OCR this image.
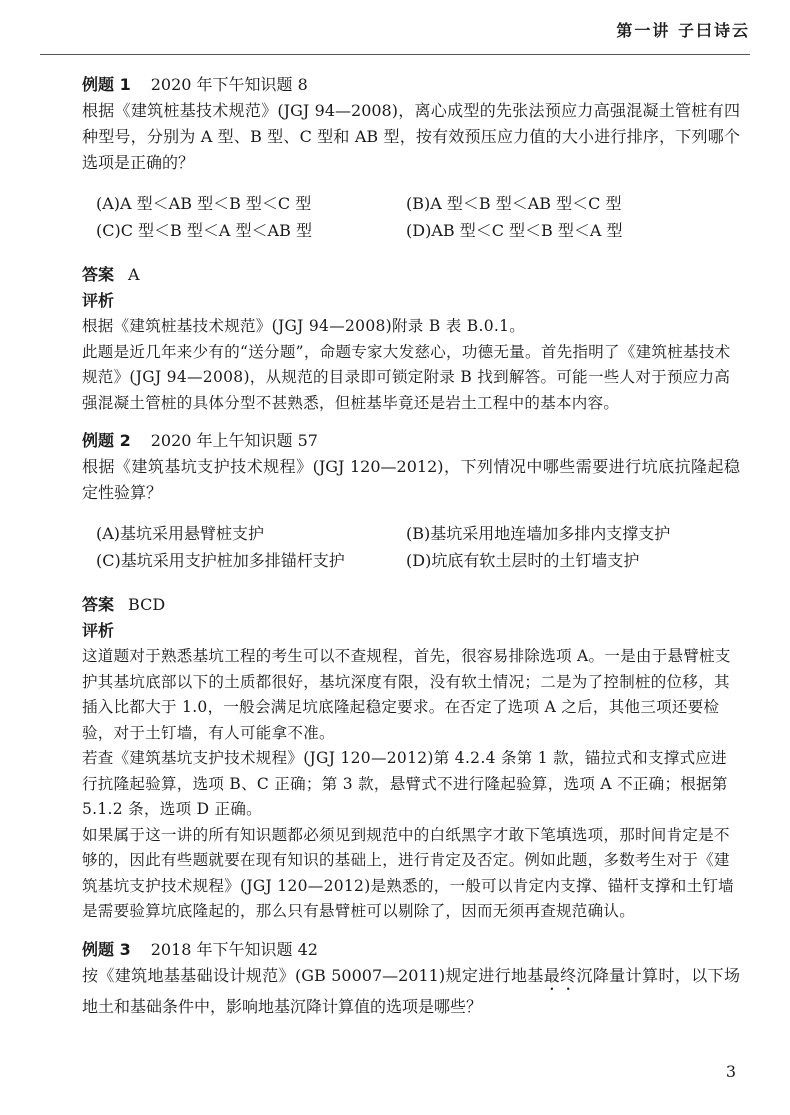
第一讲 子曰诗云
例题 1 2020 年下午知识题 8

根据《建筑桩基技术规范》(JGJ 94—2008)，离心成型的先张法预应力高强混凝土管桩有四种型号，分别为 A 型、B 型、C 型和 AB 型，按有效预压应力值的大小进行排序，下列哪个选项是正确的？

(A)A 型＜AB 型＜B 型＜C 型	(B)A 型＜B 型＜AB 型＜C 型
(C)C 型＜B 型＜A 型＜AB 型	(D)AB 型＜C 型＜B 型＜A 型
答案 A
评析

根据《建筑桩基技术规范》(JGJ 94—2008)附录 B 表 B.0.1。

此题是近几年来少有的“送分题”，命题专家大发慈心，功德无量。首先指明了《建筑桩基技术规范》(JGJ 94—2008)，从规范的目录即可锁定附录 B 找到解答。可能一些人对于预应力高强混凝土管桩的具体分型不甚熟悉，但桩基毕竟还是岩土工程中的基本内容。

例题 2 2020 年上午知识题 57

根据《建筑基坑支护技术规程》(JGJ 120—2012)，下列情况中哪些需要进行坑底抗隆起稳定性验算？

(A)基坑采用悬臂桩支护	(B)基坑采用地连墙加多排内支撑支护
(C)基坑采用支护桩加多排锚杆支护	(D)坑底有软土层时的土钉墙支护
答案 BCD
评析

这道题对于熟悉基坑工程的考生可以不查规程，首先，很容易排除选项 A。一是由于悬臂桩支护其基坑底部以下的土质都很好，基坑深度有限，没有软土情况；二是为了控制桩的位移，其插入比都大于 1.0，一般会满足坑底隆起稳定要求。在否定了选项 A 之后，其他三项还要检验，对于土钉墙，有人可能拿不准。

若查《建筑基坑支护技术规程》(JGJ 120—2012)第 4.2.4 条第 1 款，锚拉式和支撑式应进行抗隆起验算，选项 B、C 正确；第 3 款，悬臂式不进行隆起验算，选项 A 不正确；根据第 5.1.2 条，选项 D 正确。

如果属于这一讲的所有知识题都必须见到规范中的白纸黑字才敢下笔填选项，那时间肯定是不够的，因此有些题就要在现有知识的基础上，进行肯定及否定。例如此题，多数考生对于《建筑基坑支护技术规程》(JGJ 120—2012)是熟悉的，一般可以肯定内支撑、锚杆支撑和土钉墙是需要验算坑底隆起的，那么只有悬臂桩可以剔除了，因而无须再查规范确认。

例题 3 2018 年下午知识题 42

按《建筑地基基础设计规范》(GB 50007—2011)规定进行地基最终沉降量计算时，以下场地土和基础条件中，影响地基沉降计算值的选项是哪些？

3
